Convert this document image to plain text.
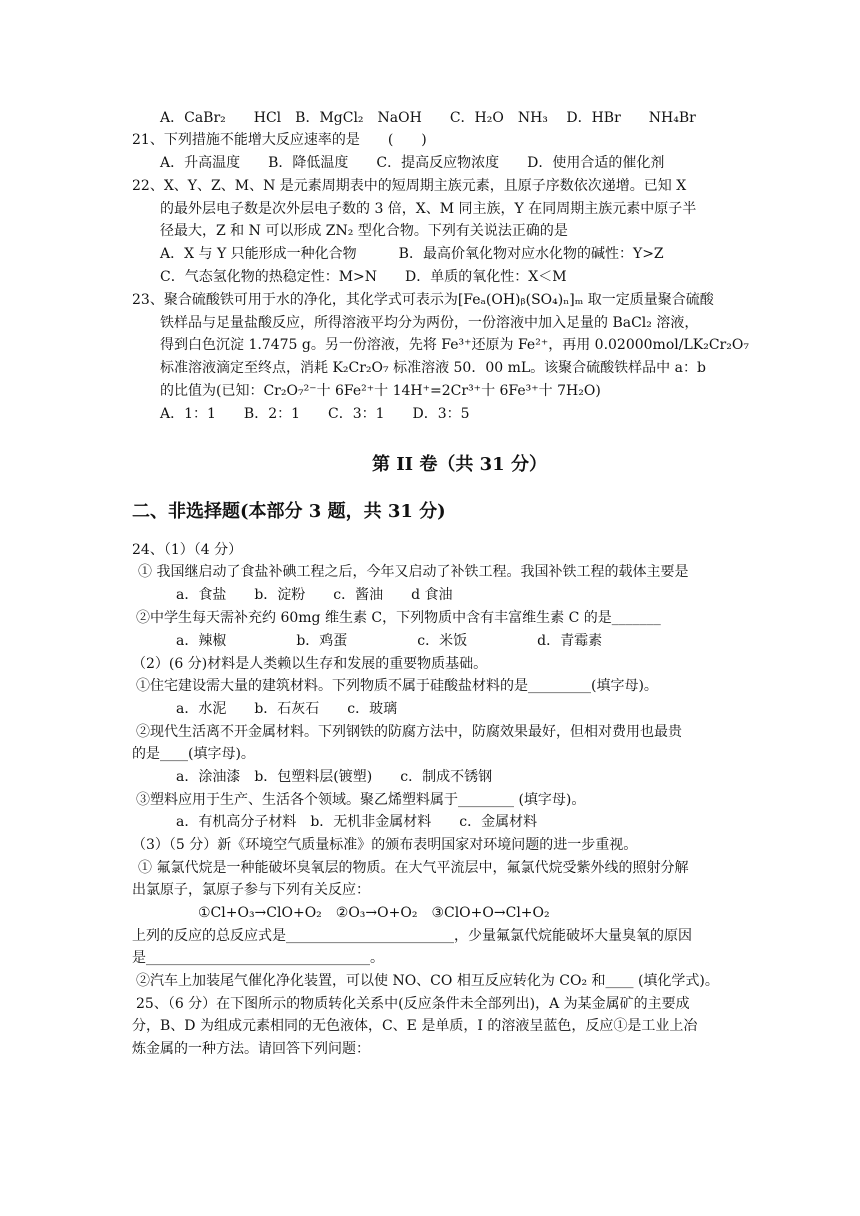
A．CaBr₂　　HCl　B．MgCl₂　NaOH　　C．H₂O　NH₃　 D．HBr　　NH₄Br
21、下列措施不能增大反应速率的是　　(　　)
A．升高温度　　B．降低温度　　C．提高反应物浓度　　D．使用合适的催化剂
22、X、Y、Z、M、N 是元素周期表中的短周期主族元素，且原子序数依次递增。已知 X
的最外层电子数是次外层电子数的 3 倍，X、M 同主族，Y 在同周期主族元素中原子半
径最大，Z 和 N 可以形成 ZN₂ 型化合物。下列有关说法正确的是
A．X 与 Y 只能形成一种化合物　　　B．最高价氧化物对应水化物的碱性：Y>Z
C．气态氢化物的热稳定性：M>N　　D．单质的氧化性：X＜M
23、聚合硫酸铁可用于水的净化，其化学式可表示为[Feₐ(OH)ᵦ(SO₄)ₙ]ₘ 取一定质量聚合硫酸
铁样品与足量盐酸反应，所得溶液平均分为两份，一份溶液中加入足量的 BaCl₂ 溶液，
得到白色沉淀 1.7475 g。另一份溶液，先将 Fe³⁺还原为 Fe²⁺，再用 0.02000mol/LK₂Cr₂O₇
标准溶液滴定至终点，消耗 K₂Cr₂O₇ 标准溶液 50．00 mL。该聚合硫酸铁样品中 a：b
的比值为(已知：Cr₂O₇²⁻十 6Fe²⁺十 14H⁺=2Cr³⁺十 6Fe³⁺十 7H₂O)
A．1：1　　B．2：1　　C．3：1　　D．3：5
第 II 卷（共 31 分）
二、非选择题(本部分 3 题，共 31 分)
24、（1）（4 分）
① 我国继启动了食盐补碘工程之后，今年又启动了补铁工程。我国补铁工程的载体主要是
a．食盐　　b．淀粉　　c．酱油　　d 食油
②中学生每天需补充约 60mg 维生素 C，下列物质中含有丰富维生素 C 的是_______
a．辣椒　　　　　b．鸡蛋　　　　　c．米饭　　　　　d．青霉素
（2）(6 分)材料是人类赖以生存和发展的重要物质基础。
①住宅建设需大量的建筑材料。下列物质不属于硅酸盐材料的是_________(填字母)。
a．水泥　　b．石灰石　　c．玻璃
②现代生活离不开金属材料。下列钢铁的防腐方法中，防腐效果最好，但相对费用也最贵
的是____(填字母)。
a．涂油漆　b．包塑料层(镀塑)　　c．制成不锈钢
③塑料应用于生产、生活各个领域。聚乙烯塑料属于________ (填字母)。
a．有机高分子材料　b．无机非金属材料　　c．金属材料
（3）（5 分）新《环境空气质量标准》的颁布表明国家对环境问题的进一步重视。
① 氟氯代烷是一种能破坏臭氧层的物质。在大气平流层中，氟氯代烷受紫外线的照射分解
出氯原子，氯原子参与下列有关反应：
①Cl+O₃→ClO+O₂　②O₃→O+O₂　③ClO+O→Cl+O₂
上列的反应的总反应式是________________________，少量氟氯代烷能破坏大量臭氧的原因
是________________________________。
②汽车上加装尾气催化净化装置，可以使 NO、CO 相互反应转化为 CO₂ 和____ (填化学式)。
25、（6 分）在下图所示的物质转化关系中(反应条件未全部列出)，A 为某金属矿的主要成
分，B、D 为组成元素相同的无色液体，C、E 是单质，I 的溶液呈蓝色，反应①是工业上冶
炼金属的一种方法。请回答下列问题：
